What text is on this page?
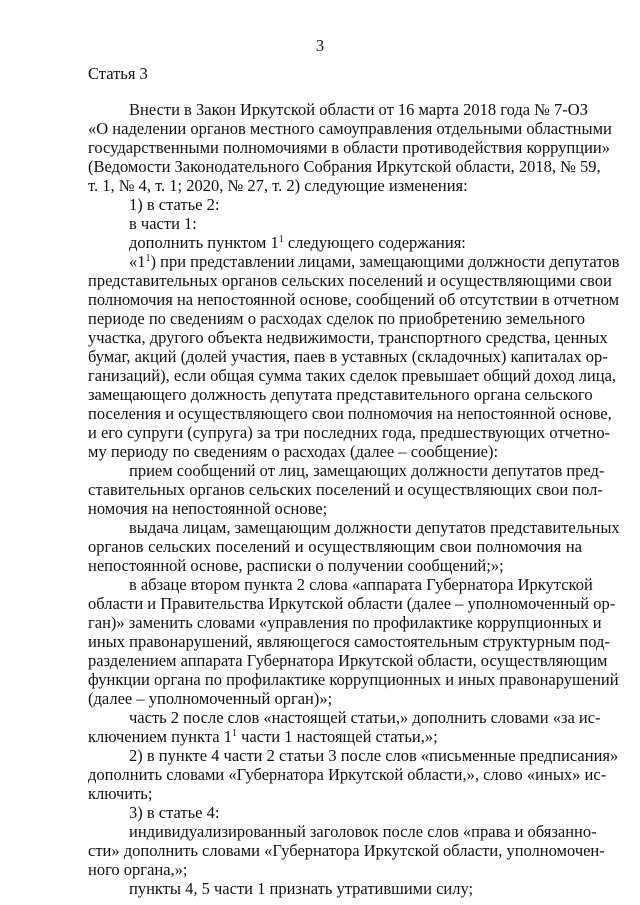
3
Статья 3
Внести в Закон Иркутской области от 16 марта 2018 года № 7-ОЗ
«О наделении органов местного самоуправления отдельными областными
государственными полномочиями в области противодействия коррупции»
(Ведомости Законодательного Собрания Иркутской области, 2018, № 59,
т. 1, № 4, т. 1; 2020, № 27, т. 2) следующие изменения:
1) в статье 2:
в части 1:
дополнить пунктом $1^1$ следующего содержания:
«$1^1$) при представлении лицами, замещающими должности депутатов
представительных органов сельских поселений и осуществляющими свои
полномочия на непостоянной основе, сообщений об отсутствии в отчетном
периоде по сведениям о расходах сделок по приобретению земельного
участка, другого объекта недвижимости, транспортного средства, ценных
бумаг, акций (долей участия, паев в уставных (складочных) капиталах ор-
ганизаций), если общая сумма таких сделок превышает общий доход лица,
замещающего должность депутата представительного органа сельского
поселения и осуществляющего свои полномочия на непостоянной основе,
и его супруги (супруга) за три последних года, предшествующих отчетно-
му периоду по сведениям о расходах (далее – сообщение):
прием сообщений от лиц, замещающих должности депутатов пред-
ставительных органов сельских поселений и осуществляющих свои пол-
номочия на непостоянной основе;
выдача лицам, замещающим должности депутатов представительных
органов сельских поселений и осуществляющим свои полномочия на
непостоянной основе, расписки о получении сообщений;»;
в абзаце втором пункта 2 слова «аппарата Губернатора Иркутской
области и Правительства Иркутской области (далее – уполномоченный ор-
ган)» заменить словами «управления по профилактике коррупционных и
иных правонарушений, являющегося самостоятельным структурным под-
разделением аппарата Губернатора Иркутской области, осуществляющим
функции органа по профилактике коррупционных и иных правонарушений
(далее – уполномоченный орган)»;
часть 2 после слов «настоящей статьи,» дополнить словами «за ис-
ключением пункта $1^1$ части 1 настоящей статьи,»;
2) в пункте 4 части 2 статьи 3 после слов «письменные предписания»
дополнить словами «Губернатора Иркутской области,», слово «иных» ис-
ключить;
3) в статье 4:
индивидуализированный заголовок после слов «права и обязанно-
сти» дополнить словами «Губернатора Иркутской области, уполномочен-
ного органа,»;
пункты 4, 5 части 1 признать утратившими силу;
